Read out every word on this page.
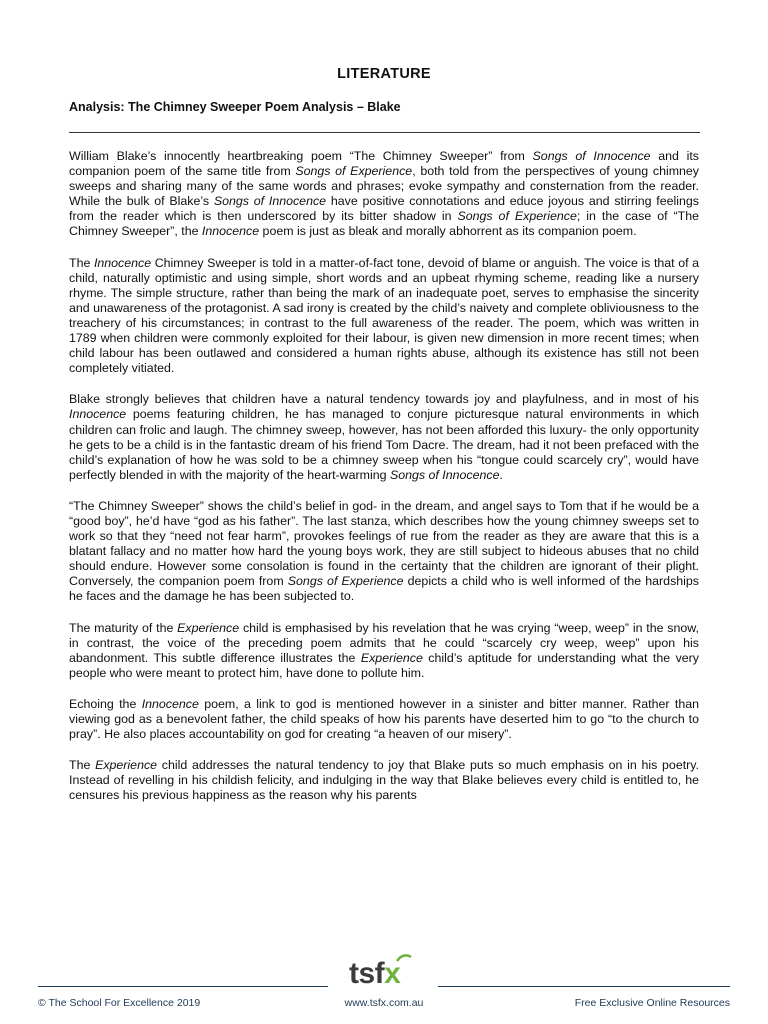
LITERATURE
Analysis: The Chimney Sweeper Poem Analysis – Blake

William Blake’s innocently heartbreaking poem “The Chimney Sweeper” from Songs of Innocence and its companion poem of the same title from Songs of Experience, both told from the perspectives of young chimney sweeps and sharing many of the same words and phrases; evoke sympathy and consternation from the reader. While the bulk of Blake’s Songs of Innocence have positive connotations and educe joyous and stirring feelings from the reader which is then underscored by its bitter shadow in Songs of Experience; in the case of “The Chimney Sweeper”, the Innocence poem is just as bleak and morally abhorrent as its companion poem.

The Innocence Chimney Sweeper is told in a matter-of-fact tone, devoid of blame or anguish. The voice is that of a child, naturally optimistic and using simple, short words and an upbeat rhyming scheme, reading like a nursery rhyme. The simple structure, rather than being the mark of an inadequate poet, serves to emphasise the sincerity and unawareness of the protagonist. A sad irony is created by the child’s naivety and complete obliviousness to the treachery of his circumstances; in contrast to the full awareness of the reader. The poem, which was written in 1789 when children were commonly exploited for their labour, is given new dimension in more recent times; when child labour has been outlawed and considered a human rights abuse, although its existence has still not been completely vitiated.

Blake strongly believes that children have a natural tendency towards joy and playfulness, and in most of his Innocence poems featuring children, he has managed to conjure picturesque natural environments in which children can frolic and laugh. The chimney sweep, however, has not been afforded this luxury- the only opportunity he gets to be a child is in the fantastic dream of his friend Tom Dacre. The dream, had it not been prefaced with the child’s explanation of how he was sold to be a chimney sweep when his “tongue could scarcely cry”, would have perfectly blended in with the majority of the heart-warming Songs of Innocence.

“The Chimney Sweeper” shows the child’s belief in god- in the dream, and angel says to Tom that if he would be a “good boy”, he’d have “god as his father”. The last stanza, which describes how the young chimney sweeps set to work so that they “need not fear harm”, provokes feelings of rue from the reader as they are aware that this is a blatant fallacy and no matter how hard the young boys work, they are still subject to hideous abuses that no child should endure. However some consolation is found in the certainty that the children are ignorant of their plight. Conversely, the companion poem from Songs of Experience depicts a child who is well informed of the hardships he faces and the damage he has been subjected to.

The maturity of the Experience child is emphasised by his revelation that he was crying “weep, weep” in the snow, in contrast, the voice of the preceding poem admits that he could “scarcely cry weep, weep” upon his abandonment. This subtle difference illustrates the Experience child’s aptitude for understanding what the very people who were meant to protect him, have done to pollute him.

Echoing the Innocence poem, a link to god is mentioned however in a sinister and bitter manner. Rather than viewing god as a benevolent father, the child speaks of how his parents have deserted him to go “to the church to pray”. He also places accountability on god for creating “a heaven of our misery”.

The Experience child addresses the natural tendency to joy that Blake puts so much emphasis on in his poetry. Instead of revelling in his childish felicity, and indulging in the way that Blake believes every child is entitled to, he censures his previous happiness as the reason why his parents

tsfx
© The School For Excellence 2019	www.tsfx.com.au	Free Exclusive Online Resources
